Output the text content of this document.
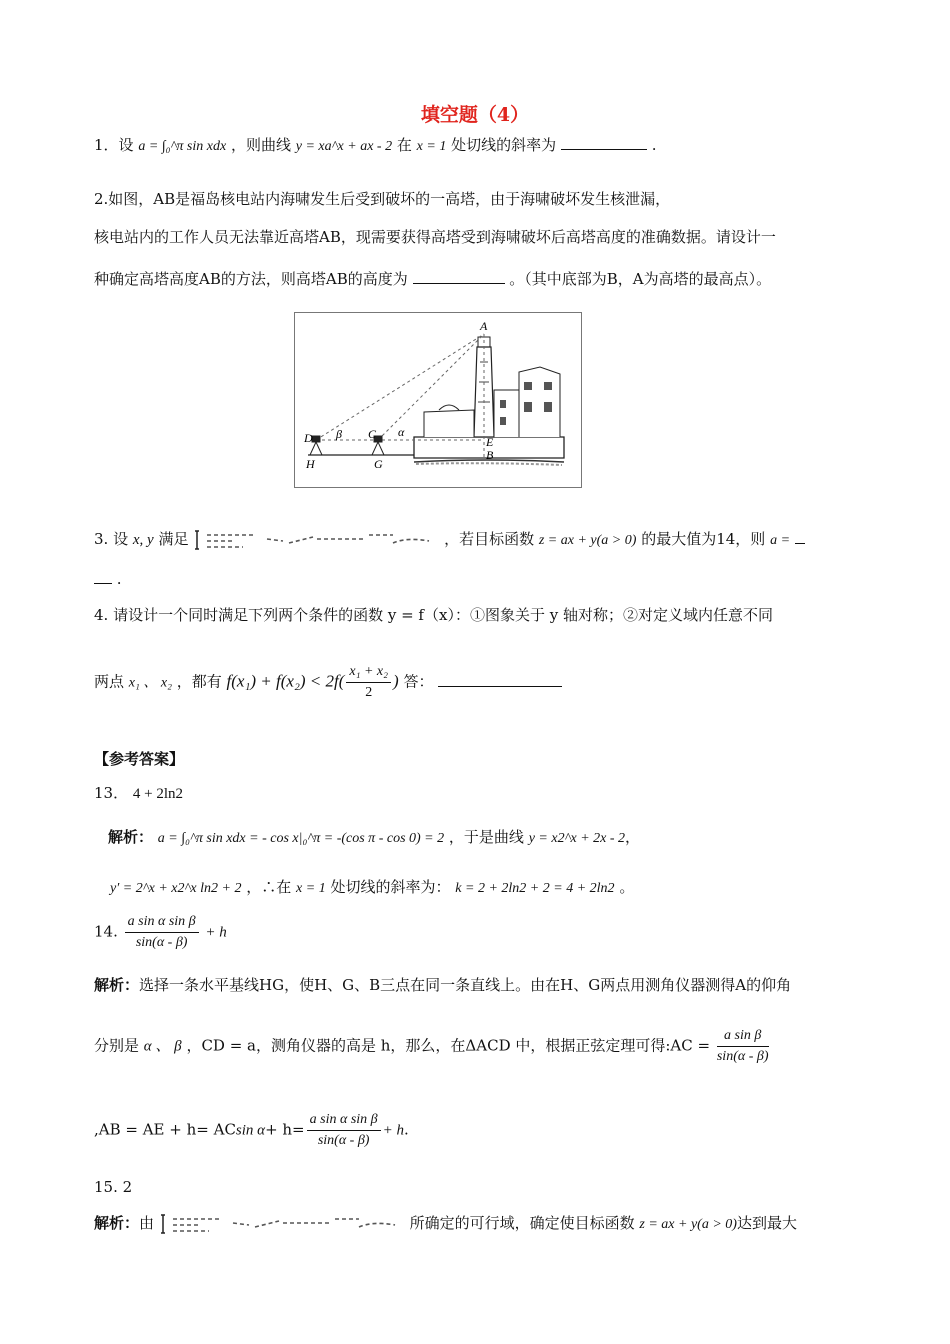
填空题（4）
1．设 a = ∫₀^π sin xdx ，则曲线 y = xa^x + ax - 2 在 x = 1 处切线的斜率为	.
2.如图，AB是福岛核电站内海啸发生后受到破坏的一高塔，由于海啸破坏发生核泄漏，
核电站内的工作人员无法靠近高塔AB，现需要获得高塔受到海啸破坏后高塔高度的准确数据。请设计一
种确定高塔高度AB的方法，则高塔AB的高度为	。（其中底部为B，A为高塔的最高点）。
A
D β C α
E
B
H	G
3. 设 x, y 满足	，若目标函数 z = ax + y(a > 0) 的最大值为14，则 a =
.
4. 请设计一个同时满足下列两个条件的函数 y = f（x）：①图象关于 y 轴对称；②对定义域内任意不同
两点 x₁ 、 x₂ ，都有 $f(x_1) + f(x_2) < 2f( \frac{\text{x₁ + x₂}}{2}$ ) 答：
【参考答案】
13． 4 + 2ln2
解析： a = ∫₀^π sin xdx = - cos x|₀^π = -(cos π - cos 0) = 2 ，于是曲线 y = x2^x + 2x - 2，
y′ = 2^x + x2^x ln2 + 2 ，∴在 x = 1 处切线的斜率为： k = 2 + 2ln2 + 2 = 4 + 2ln2 。
14. $\frac{\text{a sin α sin β}}{\sin(\alpha - \beta)} + h$
解析：选择一条水平基线HG，使H、G、B三点在同一条直线上。由在H、G两点用测角仪器测得A的仰角
分别是 α 、 β ，CD = a，测角仪器的高是 h，那么，在ΔACD 中，根据正弦定理可得:AC = $\frac{\text{a sin β}}{\sin(\alpha - \beta)}$
,AB = AE + h= ACsin $\alpha+ h= \frac{\text{a sin α sin β}}{\sin(\alpha - \beta)} + h$.
15. 2
解析：由	所确定的可行域，确定使目标函数 z = ax + y(a > 0)达到最大
